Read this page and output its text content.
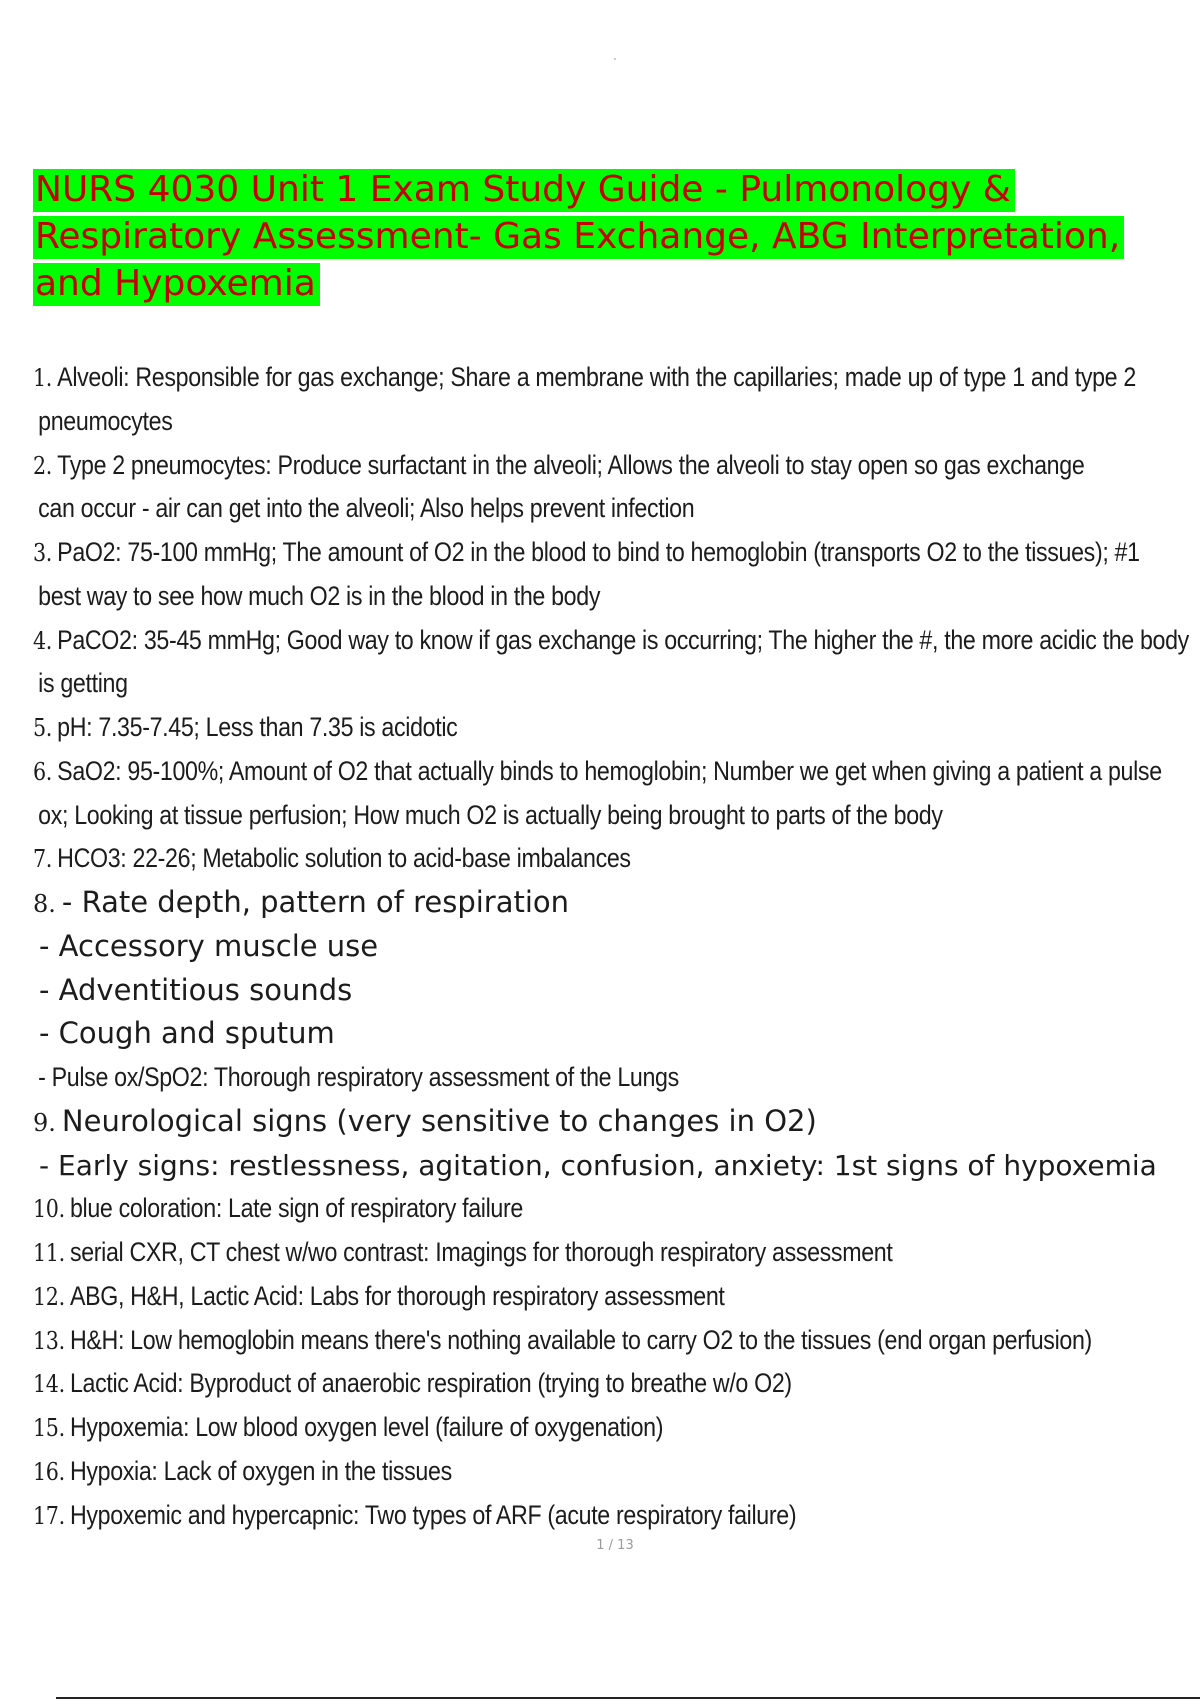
NURS 4030 Unit 1 Exam Study Guide - Pulmonology &
Respiratory Assessment- Gas Exchange, ABG Interpretation,
and Hypoxemia
1. Alveoli: Responsible for gas exchange; Share a membrane with the capillaries; made up of type 1 and type 2
pneumocytes
2. Type 2 pneumocytes: Produce surfactant in the alveoli; Allows the alveoli to stay open so gas exchange
can occur - air can get into the alveoli; Also helps prevent infection
3. PaO2: 75-100 mmHg; The amount of O2 in the blood to bind to hemoglobin (transports O2 to the tissues); #1
best way to see how much O2 is in the blood in the body
4. PaCO2: 35-45 mmHg; Good way to know if gas exchange is occurring; The higher the #, the more acidic the body
is getting
5. pH: 7.35-7.45; Less than 7.35 is acidotic
6. SaO2: 95-100%; Amount of O2 that actually binds to hemoglobin; Number we get when giving a patient a pulse
ox; Looking at tissue perfusion; How much O2 is actually being brought to parts of the body
7. HCO3: 22-26; Metabolic solution to acid-base imbalances
8. - Rate depth, pattern of respiration
- Accessory muscle use
- Adventitious sounds
- Cough and sputum
- Pulse ox/SpO2: Thorough respiratory assessment of the Lungs
9. Neurological signs (very sensitive to changes in O2)
- Early signs: restlessness, agitation, confusion, anxiety: 1st signs of hypoxemia
10. blue coloration: Late sign of respiratory failure
11. serial CXR, CT chest w/wo contrast: Imagings for thorough respiratory assessment
12. ABG, H&H, Lactic Acid: Labs for thorough respiratory assessment
13. H&H: Low hemoglobin means there's nothing available to carry O2 to the tissues (end organ perfusion)
14. Lactic Acid: Byproduct of anaerobic respiration (trying to breathe w/o O2)
15. Hypoxemia: Low blood oxygen level (failure of oxygenation)
16. Hypoxia: Lack of oxygen in the tissues
17. Hypoxemic and hypercapnic: Two types of ARF (acute respiratory failure)
1 / 13
